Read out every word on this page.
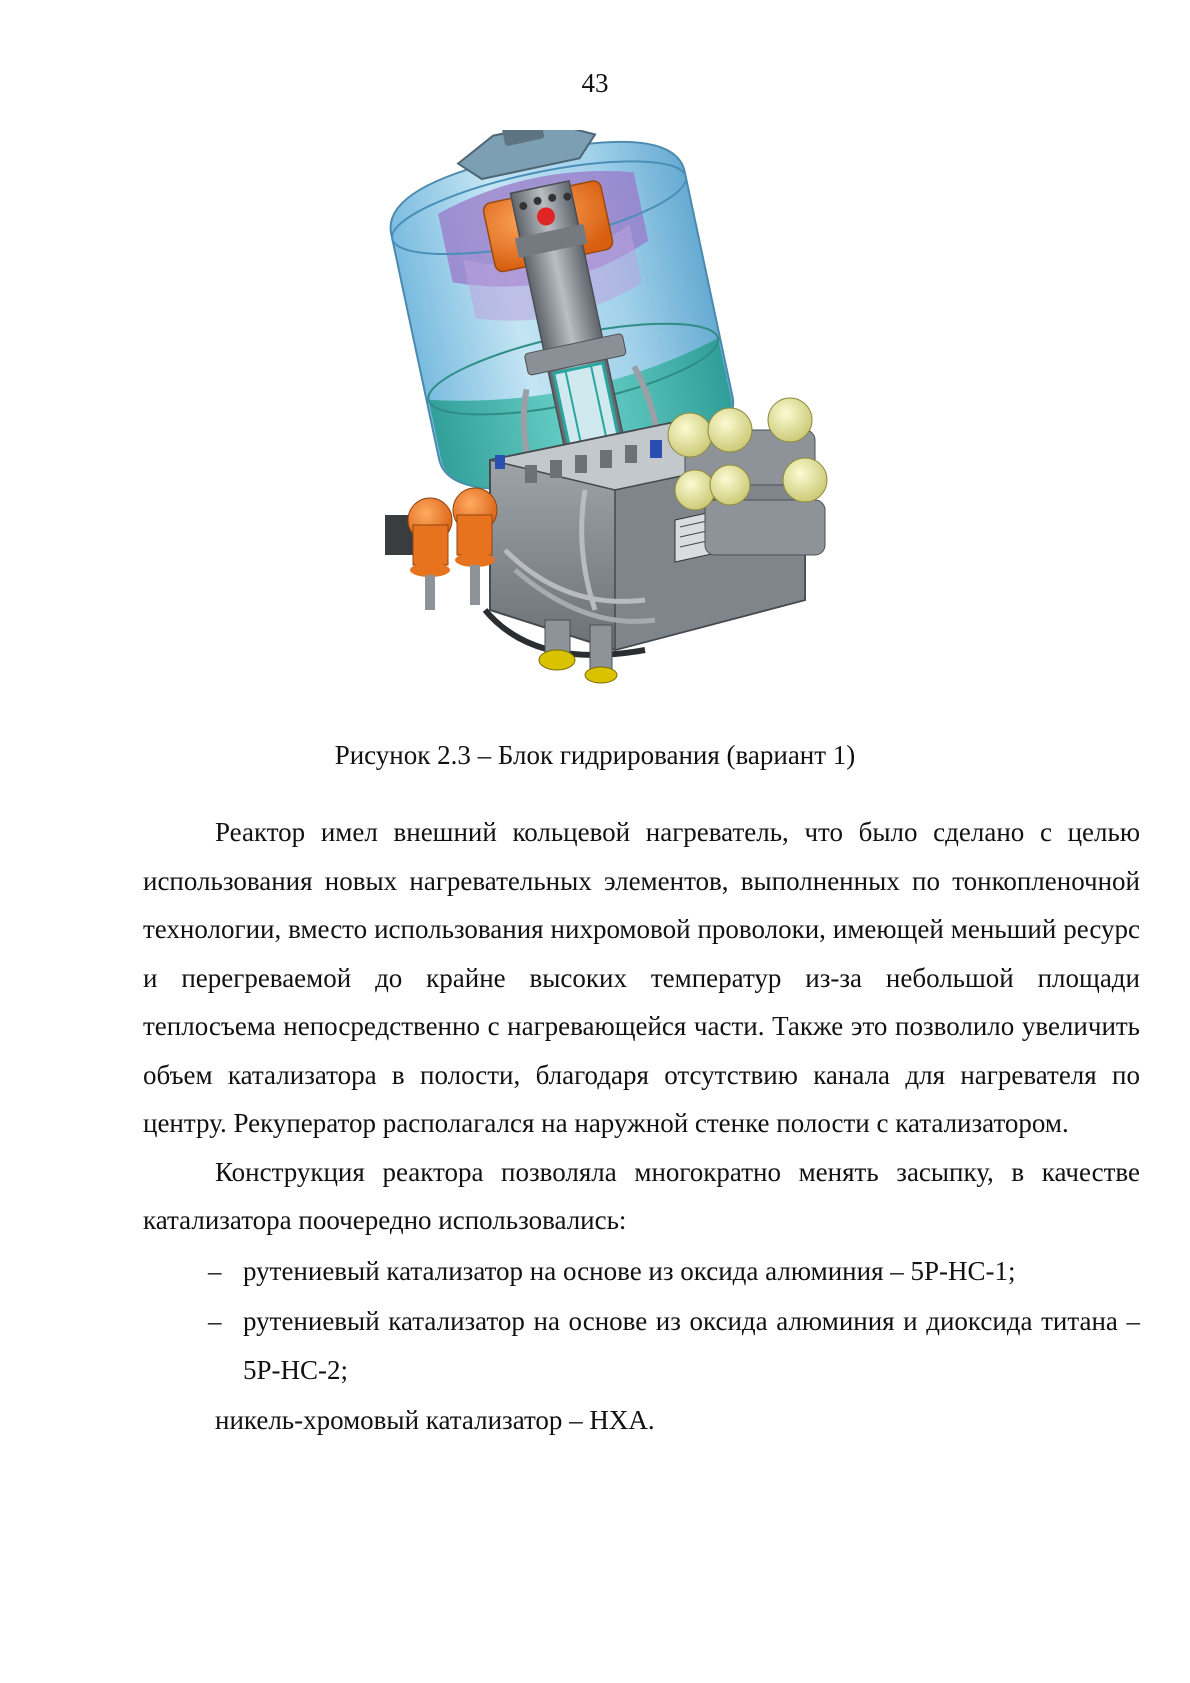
43
Рисунок 2.3 – Блок гидрирования (вариант 1)

Реактор имел внешний кольцевой нагреватель, что было сделано с целью использования новых нагревательных элементов, выполненных по тонкопленочной технологии, вместо использования нихромовой проволоки, имеющей меньший ресурс и перегреваемой до крайне высоких температур из-за небольшой площади теплосъема непосредственно с нагревающейся части. Также это позволило увеличить объем катализатора в полости, благодаря отсутствию канала для нагревателя по центру. Рекуператор располагался на наружной стенке полости с катализатором.

Конструкция реактора позволяла многократно менять засыпку, в качестве катализатора поочередно использовались:

– рутениевый катализатор на основе из оксида алюминия – 5Р-НС-1;
– рутениевый катализатор на основе из оксида алюминия и диоксида титана – 5Р-НС-2;
никель-хромовый катализатор – НХА.
